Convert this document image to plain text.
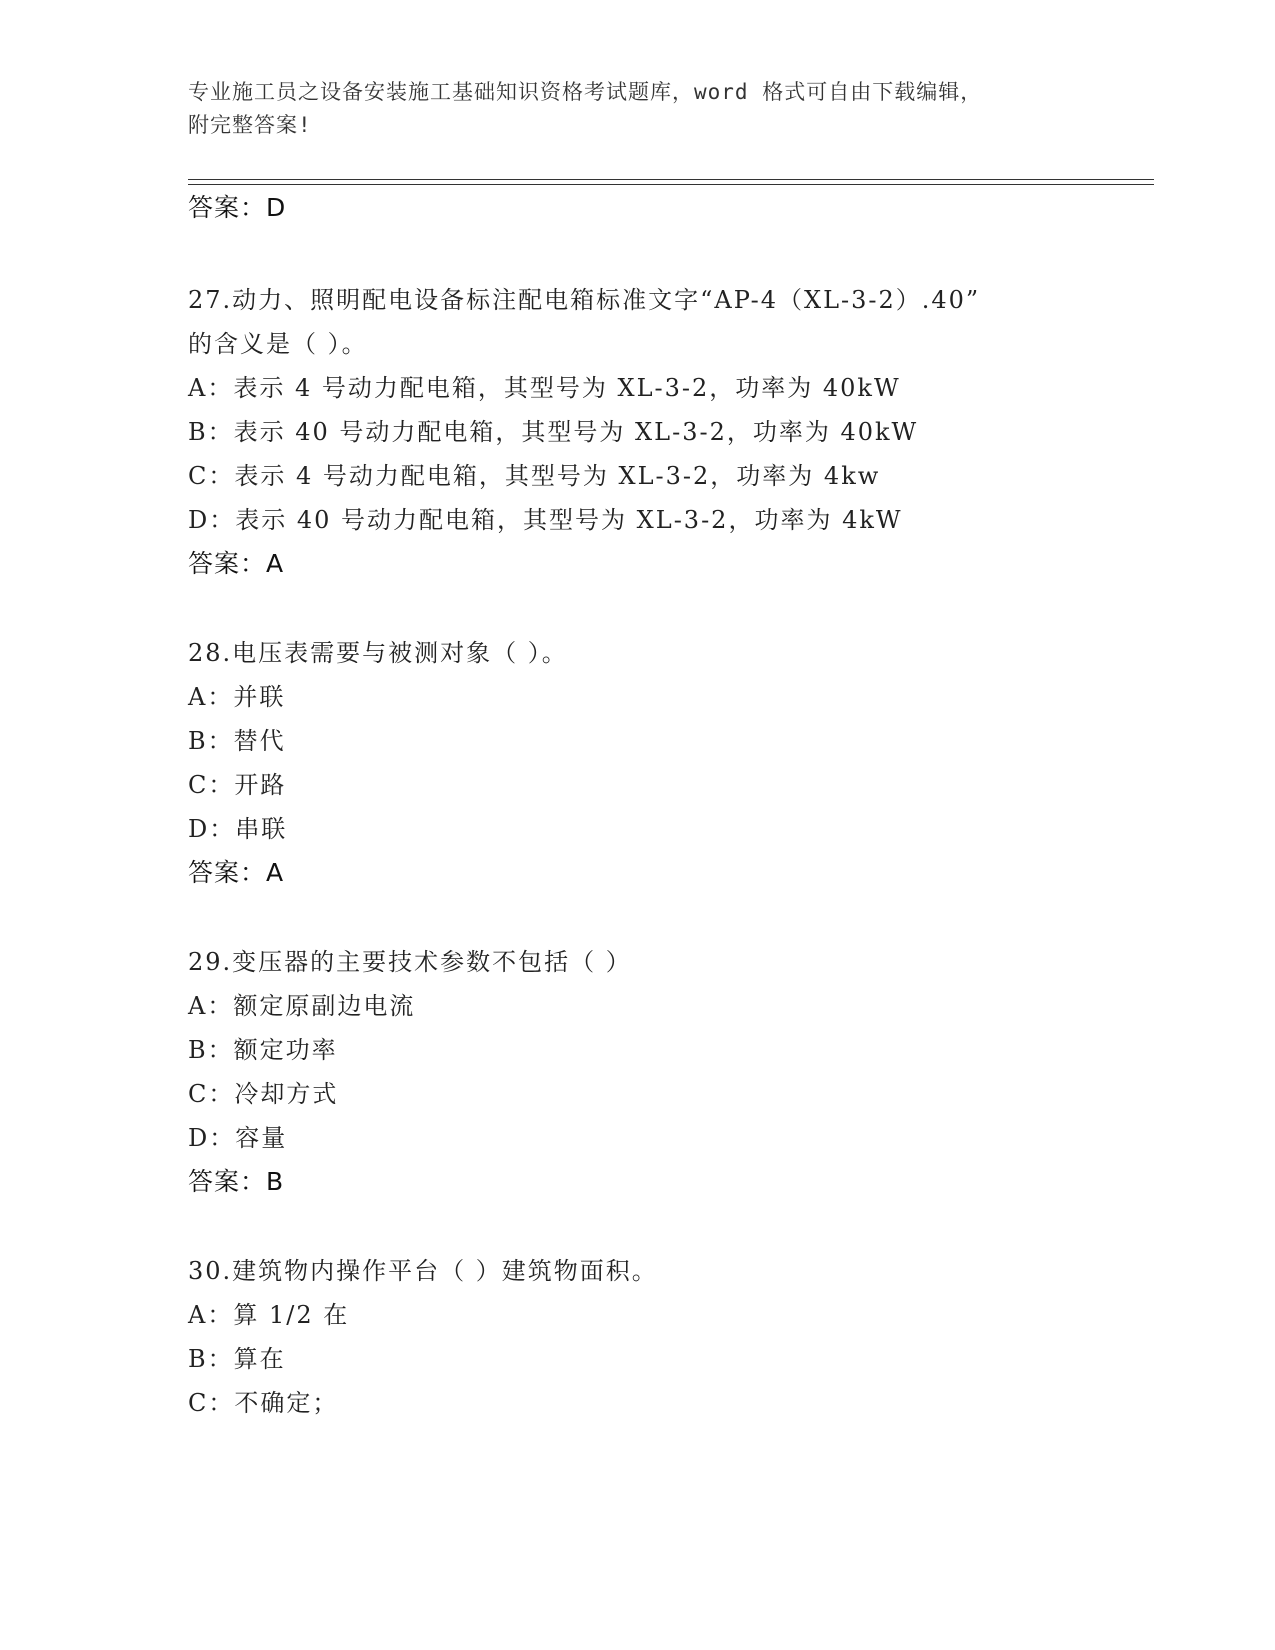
专业施工员之设备安装施工基础知识资格考试题库，word 格式可自由下载编辑，
附完整答案!
答案：D
27.动力、照明配电设备标注配电箱标准文字“AP-4（XL-3-2）.40”
的含义是（ ）。
A：表示 4 号动力配电箱，其型号为 XL-3-2，功率为 40kW
B：表示 40 号动力配电箱，其型号为 XL-3-2，功率为 40kW
C：表示 4 号动力配电箱，其型号为 XL-3-2，功率为 4kw
D：表示 40 号动力配电箱，其型号为 XL-3-2，功率为 4kW
答案：A
28.电压表需要与被测对象（ ）。
A：并联
B：替代
C：开路
D：串联
答案：A
29.变压器的主要技术参数不包括（ ）
A：额定原副边电流
B：额定功率
C：冷却方式
D：容量
答案：B
30.建筑物内操作平台（ ）建筑物面积。
A：算 1/2 在
B：算在
C：不确定；
